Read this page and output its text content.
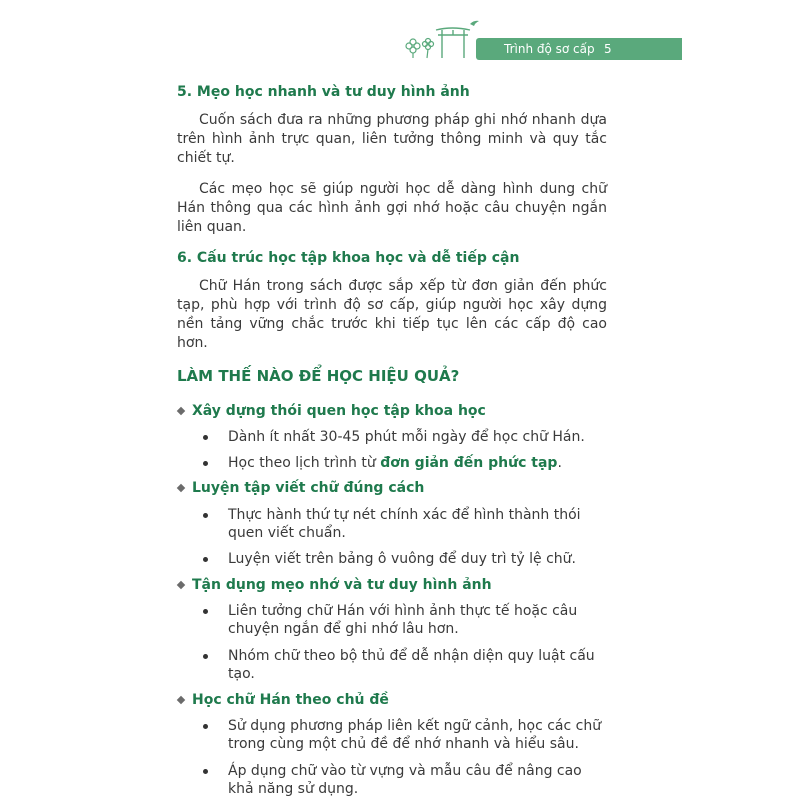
Trình độ sơ cấp 5
5. Mẹo học nhanh và tư duy hình ảnh

Cuốn sách đưa ra những phương pháp ghi nhớ nhanh dựa trên hình ảnh trực quan, liên tưởng thông minh và quy tắc chiết tự.

Các mẹo học sẽ giúp người học dễ dàng hình dung chữ Hán thông qua các hình ảnh gợi nhớ hoặc câu chuyện ngắn liên quan.

6. Cấu trúc học tập khoa học và dễ tiếp cận

Chữ Hán trong sách được sắp xếp từ đơn giản đến phức tạp, phù hợp với trình độ sơ cấp, giúp người học xây dựng nền tảng vững chắc trước khi tiếp tục lên các cấp độ cao hơn.

LÀM THẾ NÀO ĐỂ HỌC HIỆU QUẢ?
Xây dựng thói quen học tập khoa học
Dành ít nhất 30-45 phút mỗi ngày để học chữ Hán.
Học theo lịch trình từ đơn giản đến phức tạp.
Luyện tập viết chữ đúng cách
Thực hành thứ tự nét chính xác để hình thành thói quen viết chuẩn.
Luyện viết trên bảng ô vuông để duy trì tỷ lệ chữ.
Tận dụng mẹo nhớ và tư duy hình ảnh
Liên tưởng chữ Hán với hình ảnh thực tế hoặc câu chuyện ngắn để ghi nhớ lâu hơn.
Nhóm chữ theo bộ thủ để dễ nhận diện quy luật cấu tạo.
Học chữ Hán theo chủ đề
Sử dụng phương pháp liên kết ngữ cảnh, học các chữ trong cùng một chủ đề để nhớ nhanh và hiểu sâu.
Áp dụng chữ vào từ vựng và mẫu câu để nâng cao khả năng sử dụng.
